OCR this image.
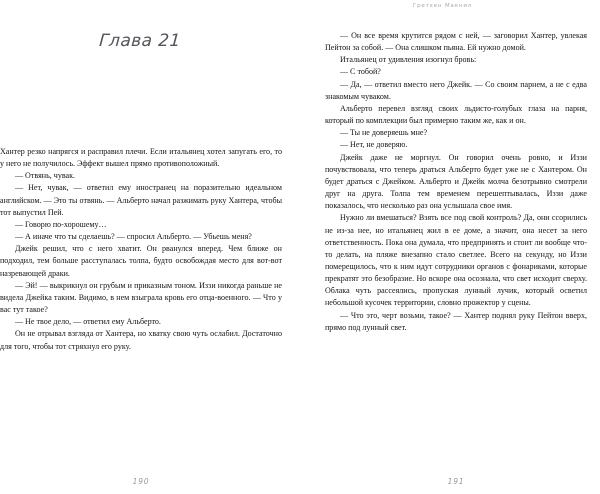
Глава 21

Хантер резко напрягся и расправил плечи. Если итальянец хотел запугать его, то у него не получилось. Эффект вышел прямо противоположный.

— Отвянь, чувак.

— Нет, чувак, — ответил ему иностранец на поразительно идеальном английском. — Это ты отвянь. — Альберто начал разжимать руку Хантера, чтобы тот выпустил Пей.

— Говорю по-хорошему…

— А иначе что ты сделаешь? — спросил Альберто. — Убьешь меня?

Джейк решил, что с него хватит. Он рванулся вперед. Чем ближе он подходил, тем больше расступалась толпа, будто освобождая место для вот-вот назревающей драки.

— Эй! — выкрикнул он грубым и приказным тоном. Иззи никогда раньше не видела Джейка таким. Видимо, в нем взыграла кровь его отца-военного. — Что у вас тут такое?

— Не твое дело, — ответил ему Альберто.

Он не отрывал взгляда от Хантера, но хватку свою чуть ослабил. Достаточно для того, чтобы тот стряхнул его руку.

190
Гретхен Макнил

— Он все время крутится рядом с ней, — заговорил Хантер, увлекая Пейтон за собой. — Она слишком пьяна. Ей нужно домой.

Итальянец от удивления изогнул бровь:

— С тобой?

— Да, — ответил вместо него Джейк. — Со своим парнем, а не с едва знакомым чуваком.

Альберто перевел взгляд своих льдисто-голубых глаза на парня, который по комплекции был примерно таким же, как и он.

— Ты не доверяешь мне?

— Нет, не доверяю.

Джейк даже не моргнул. Он говорил очень ровно, и Иззи почувствовала, что теперь драться Альберто будет уже не с Хантером. Он будет драться с Джейком. Альберто и Джейк молча безотрывно смотрели друг на друга. Толпа тем временем перешептывалась, Иззи даже показалось, что несколько раз она услышала свое имя.

Нужно ли вмешаться? Взять все под свой контроль? Да, они ссорились не из-за нее, но итальянец жил в ее доме, а значит, она несет за него ответственность. Пока она думала, что предпринять и стоит ли вообще что-то делать, на пляже внезапно стало светлее. Всего на секунду, но Иззи померещилось, что к ним идут сотрудники органов с фонариками, которые прекратят это безобразие. Но вскоре она осознала, что свет исходит сверху. Облака чуть рассеялись, пропуская лунный лучик, который осветил небольшой кусочек территории, словно прожектор у сцены.

— Что это, черт возьми, такое? — Хантер поднял руку Пейтон вверх, прямо под лунный свет.

191
